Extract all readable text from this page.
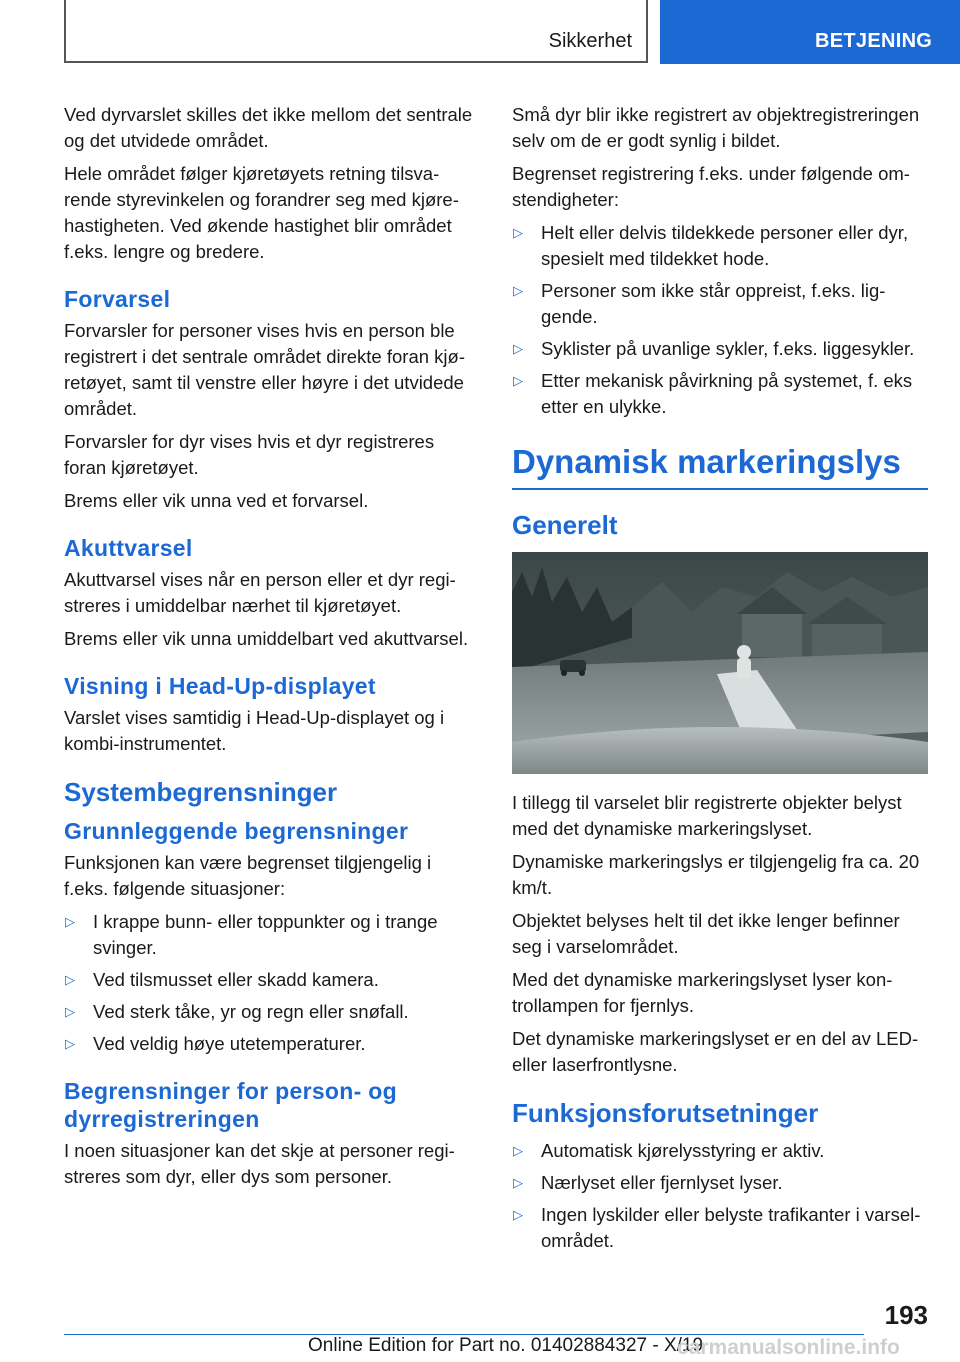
Sikkerhet	BETJENING

Ved dyrvarslet skilles det ikke mellom det sentrale og det utvidede området.

Hele området følger kjøretøyets retning tilsvarende styrevinkelen og forandrer seg med kjørehastigheten. Ved økende hastighet blir området f.eks. lengre og bredere.

Forvarsel

Forvarsler for personer vises hvis en person ble registrert i det sentrale området direkte foran kjøretøyet, samt til venstre eller høyre i det utvidede området.

Forvarsler for dyr vises hvis et dyr registreres foran kjøretøyet.

Brems eller vik unna ved et forvarsel.

Akuttvarsel

Akuttvarsel vises når en person eller et dyr registreres i umiddelbar nærhet til kjøretøyet.

Brems eller vik unna umiddelbart ved akuttvarsel.

Visning i Head-Up-displayet

Varslet vises samtidig i Head-Up-displayet og i kombi-instrumentet.

Systembegrensninger
Grunnleggende begrensninger

Funksjonen kan være begrenset tilgjengelig i f.eks. følgende situasjoner:

▷ I krappe bunn- eller toppunkter og i trange svinger.
▷ Ved tilsmusset eller skadd kamera.
▷ Ved sterk tåke, yr og regn eller snøfall.
▷ Ved veldig høye utetemperaturer.
Begrensninger for person- og dyrregistreringen

I noen situasjoner kan det skje at personer registreres som dyr, eller dys som personer.

Små dyr blir ikke registrert av objektregistreringen selv om de er godt synlig i bildet.

Begrenset registrering f.eks. under følgende omstendigheter:

▷ Helt eller delvis tildekkede personer eller dyr, spesielt med tildekket hode.
▷ Personer som ikke står oppreist, f.eks. liggende.
▷ Syklister på uvanlige sykler, f.eks. liggesykler.
▷ Etter mekanisk påvirkning på systemet, f. eks etter en ulykke.
Dynamisk markeringslys
Generelt

I tillegg til varselet blir registrerte objekter belyst med det dynamiske markeringslyset.

Dynamiske markeringslys er tilgjengelig fra ca. 20 km/t.

Objektet belyses helt til det ikke lenger befinner seg i varselområdet.

Med det dynamiske markeringslyset lyser kontrollampen for fjernlys.

Det dynamiske markeringslyset er en del av LED- eller laserfrontlysne.

Funksjonsforutsetninger
▷ Automatisk kjørelysstyring er aktiv.
▷ Nærlyset eller fjernlyset lyser.
▷ Ingen lyskilder eller belyste trafikanter i varselområdet.
193
Online Edition for Part no. 01402884327 - X/19
carmanualsonline.info
